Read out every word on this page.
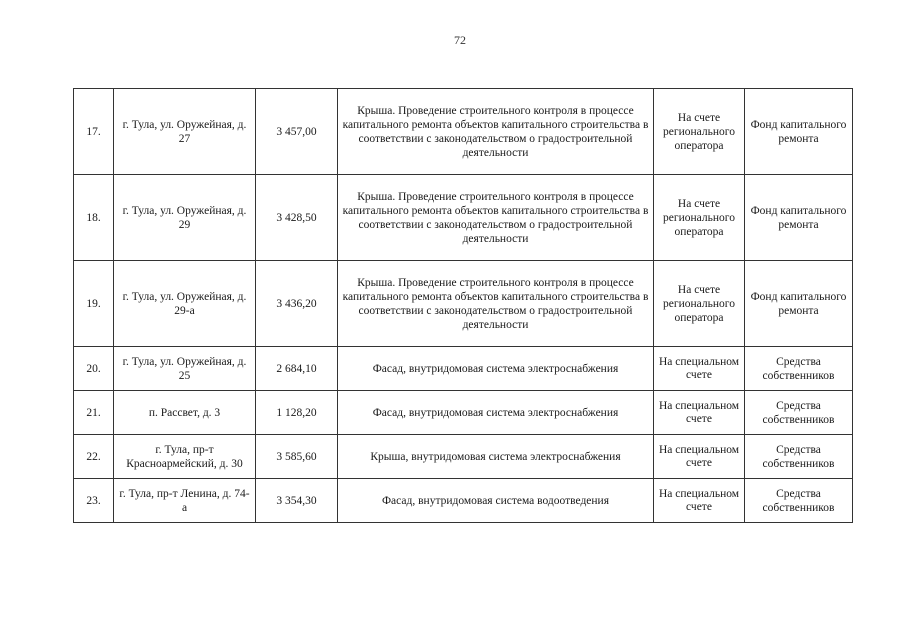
72
17.	г. Тула, ул. Оружейная, д. 27	3 457,00	Крыша. Проведение строительного контроля в процессе капитального ремонта объектов капитального строительства в соответствии с законодательством о градостроительной деятельности	На счете регионального оператора	Фонд капитального ремонта
18.	г. Тула, ул. Оружейная, д. 29	3 428,50	Крыша. Проведение строительного контроля в процессе капитального ремонта объектов капитального строительства в соответствии с законодательством о градостроительной деятельности	На счете регионального оператора	Фонд капитального ремонта
19.	г. Тула, ул. Оружейная, д. 29-а	3 436,20	Крыша. Проведение строительного контроля в процессе капитального ремонта объектов капитального строительства в соответствии с законодательством о градостроительной деятельности	На счете регионального оператора	Фонд капитального ремонта
20.	г. Тула, ул. Оружейная, д. 25	2 684,10	Фасад, внутридомовая система электроснабжения	На специальном счете	Средства собственников
21.	п. Рассвет, д. 3	1 128,20	Фасад, внутридомовая система электроснабжения	На специальном счете	Средства собственников
22.	г. Тула, пр-т Красноармейский, д. 30	3 585,60	Крыша, внутридомовая система электроснабжения	На специальном счете	Средства собственников
23.	г. Тула, пр-т Ленина, д. 74-а	3 354,30	Фасад, внутридомовая система водоотведения	На специальном счете	Средства собственников
